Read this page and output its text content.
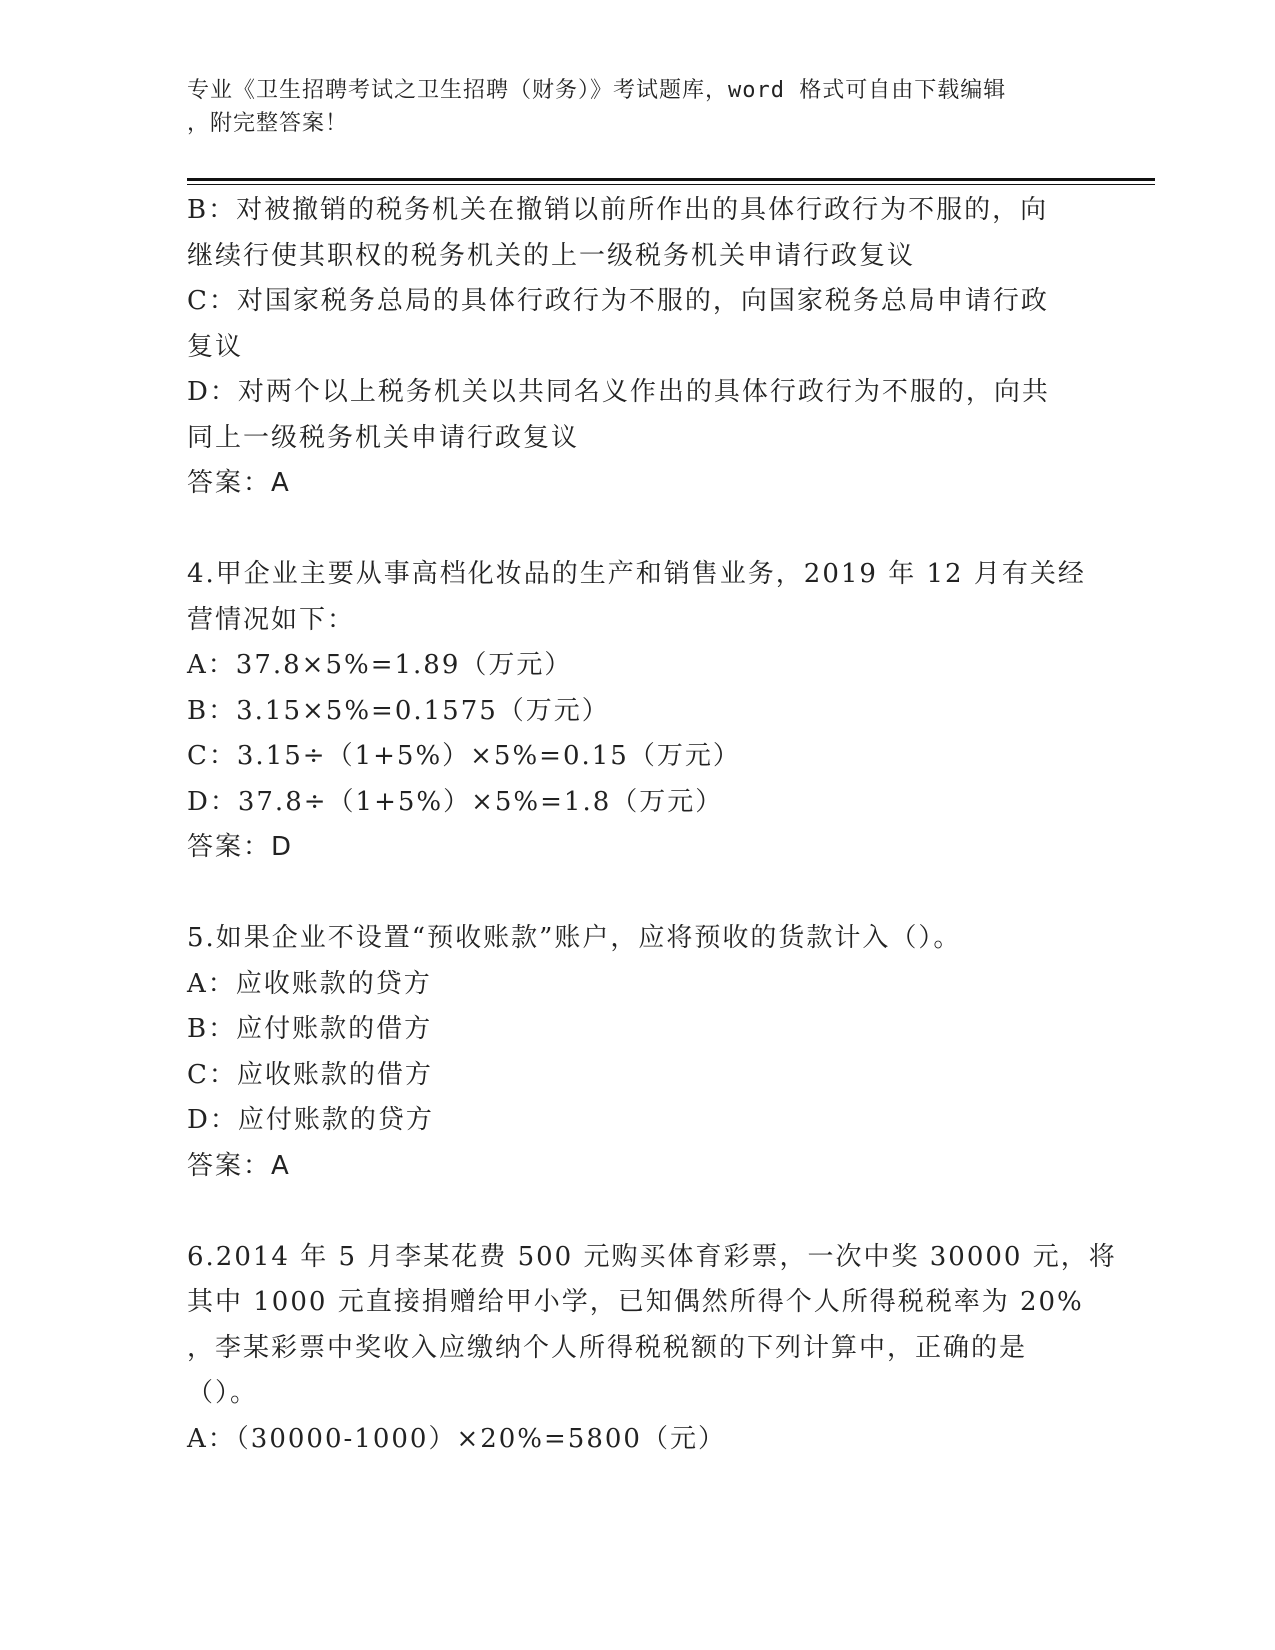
专业《卫生招聘考试之卫生招聘（财务）》考试题库，word 格式可自由下载编辑
，附完整答案！
B：对被撤销的税务机关在撤销以前所作出的具体行政行为不服的，向
继续行使其职权的税务机关的上一级税务机关申请行政复议
C：对国家税务总局的具体行政行为不服的，向国家税务总局申请行政
复议
D：对两个以上税务机关以共同名义作出的具体行政行为不服的，向共
同上一级税务机关申请行政复议
答案：A
4.甲企业主要从事高档化妆品的生产和销售业务，2019 年 12 月有关经
营情况如下：
A：37.8×5%=1.89（万元）
B：3.15×5%=0.1575（万元）
C：3.15÷（1+5%）×5%=0.15（万元）
D：37.8÷（1+5%）×5%=1.8（万元）
答案：D
5.如果企业不设置“预收账款”账户，应将预收的货款计入（）。
A：应收账款的贷方
B：应付账款的借方
C：应收账款的借方
D：应付账款的贷方
答案：A
6.2014 年 5 月李某花费 500 元购买体育彩票，一次中奖 30000 元，将
其中 1000 元直接捐赠给甲小学，已知偶然所得个人所得税税率为 20%
，李某彩票中奖收入应缴纳个人所得税税额的下列计算中，正确的是
（）。
A：（30000-1000）×20%=5800（元）
